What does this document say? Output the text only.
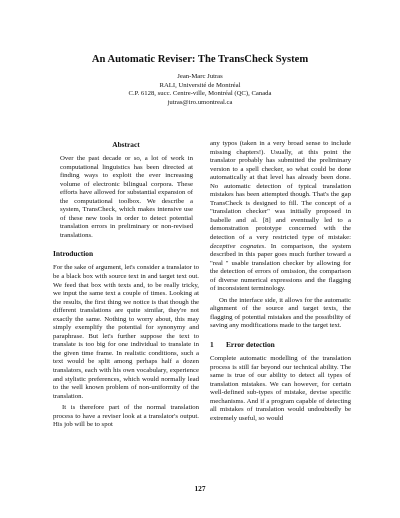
An Automatic Reviser: The TransCheck System
Jean-Marc Jutras
RALI, Université de Montréal
C.P. 6128, succ. Centre-ville, Montréal (QC), Canada
jutras@iro.umontreal.ca
Abstract

Over the past decade or so, a lot of work in computational linguistics has been directed at finding ways to exploit the ever increasing volume of electronic bilingual corpora. These efforts have allowed for substantial expansion of the computational toolbox. We describe a system, TransCheck, which makes intensive use of these new tools in order to detect potential translation errors in preliminary or non-revised translations.

Introduction

For the sake of argument, let's consider a translator to be a black box with source text in and target text out. We feed that box with texts and, to be really tricky, we input the same text a couple of times. Looking at the results, the first thing we notice is that though the different translations are quite similar, they're not exactly the same. Nothing to worry about, this may simply exemplify the potential for synonymy and paraphrase. But let's further suppose the text to translate is too big for one individual to translate in the given time frame. In realistic conditions, such a text would be split among perhaps half a dozen translators, each with his own vocabulary, experience and stylistic preferences, which would normally lead to the well known problem of non-uniformity of the translation.

It is therefore part of the normal translation process to have a reviser look at a translator's output. His job will be to spot

any typos (taken in a very broad sense to include missing chapters!). Usually, at this point the translator probably has submitted the preliminary version to a spell checker, so what could be done automatically at that level has already been done. No automatic detection of typical translation mistakes has been attempted though. That's the gap TransCheck is designed to fill. The concept of a "translation checker" was initially proposed in Isabelle and al. [8] and eventually led to a demonstration prototype concerned with the detection of a very restricted type of mistake: deceptive cognates. In comparison, the system described in this paper goes much further toward a "real " usable translation checker by allowing for the detection of errors of omission, the comparison of diverse numerical expressions and the flagging of inconsistent terminology.

On the interface side, it allows for the automatic alignment of the source and target texts, the flagging of potential mistakes and the possibility of saving any modifications made to the target text.

1 Error detection

Complete automatic modelling of the translation process is still far beyond our technical ability. The same is true of our ability to detect all types of translation mistakes. We can however, for certain well-defined sub-types of mistake, devise specific mechanisms. And if a program capable of detecting all mistakes of translation would undoubtedly be extremely useful, so would

127
